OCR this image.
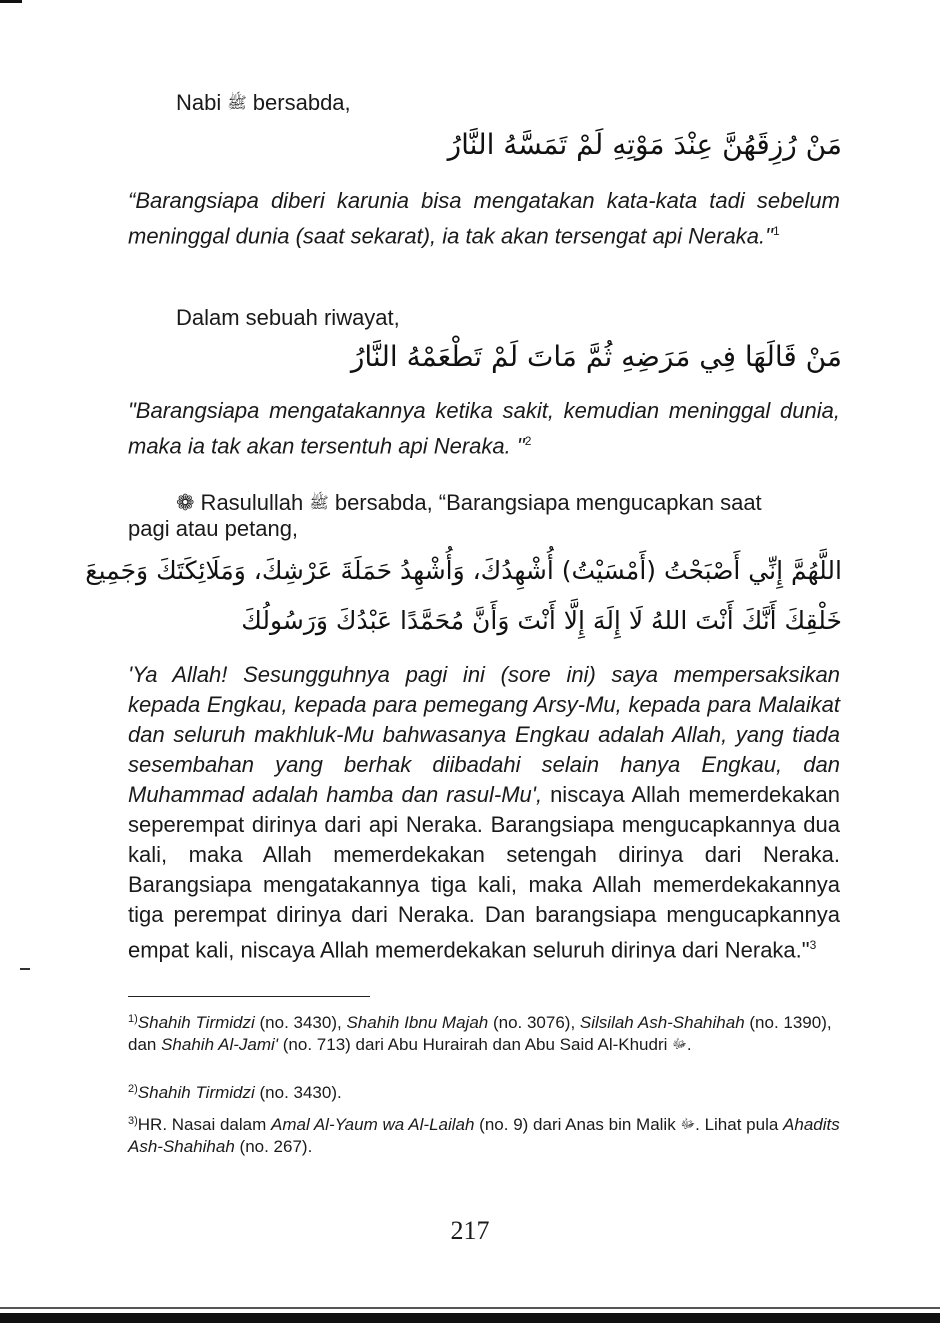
Nabi ﷺ bersabda,
مَنْ رُزِقَهُنَّ عِنْدَ مَوْتِهِ لَمْ تَمَسَّهُ النَّارُ
“Barangsiapa diberi karunia bisa mengatakan kata-kata tadi sebelum meninggal dunia (saat sekarat), ia tak akan tersengat api Neraka."$^1$
Dalam sebuah riwayat,
مَنْ قَالَهَا فِي مَرَضِهِ ثُمَّ مَاتَ لَمْ تَطْعَمْهُ النَّارُ
"Barangsiapa mengatakannya ketika sakit, kemudian meninggal dunia, maka ia tak akan tersentuh api Neraka. "$^2$
❁ Rasulullah ﷺ bersabda, “Barangsiapa mengucapkan saat
pagi atau petang,
اللَّهُمَّ إِنِّي أَصْبَحْتُ (أَمْسَيْتُ) أُشْهِدُكَ، وَأُشْهِدُ حَمَلَةَ عَرْشِكَ، وَمَلَائِكَتَكَ وَجَمِيعَ
خَلْقِكَ أَنَّكَ أَنْتَ اللهُ لَا إِلَهَ إِلَّا أَنْتَ وَأَنَّ مُحَمَّدًا عَبْدُكَ وَرَسُولُكَ
'Ya Allah! Sesungguhnya pagi ini (sore ini) saya mempersaksikan kepada Engkau, kepada para pemegang Arsy-Mu, kepada para Malaikat dan seluruh makhluk-Mu bahwasanya Engkau adalah Allah, yang tiada sesembahan yang berhak diibadahi selain hanya Engkau, dan Muhammad adalah hamba dan rasul-Mu', niscaya Allah memerdekakan seperempat dirinya dari api Neraka. Barangsiapa mengucapkannya dua kali, maka Allah memerdekakan setengah dirinya dari Neraka. Barangsiapa mengatakannya tiga kali, maka Allah memerdekakannya tiga perempat dirinya dari Neraka. Dan barangsiapa mengucapkannya empat kali, niscaya Allah memerdekakan seluruh dirinya dari Neraka."$^3$
$^{1)}$Shahih Tirmidzi (no. 3430), Shahih Ibnu Majah (no. 3076), Silsilah Ash-Shahihah (no. 1390), dan Shahih Al-Jami' (no. 713) dari Abu Hurairah dan Abu Said Al-Khudri ﷻ.
$^{2)}$Shahih Tirmidzi (no. 3430).
$^{3)}$HR. Nasai dalam Amal Al-Yaum wa Al-Lailah (no. 9) dari Anas bin Malik ﷻ. Lihat pula Ahadits Ash-Shahihah (no. 267).
217
